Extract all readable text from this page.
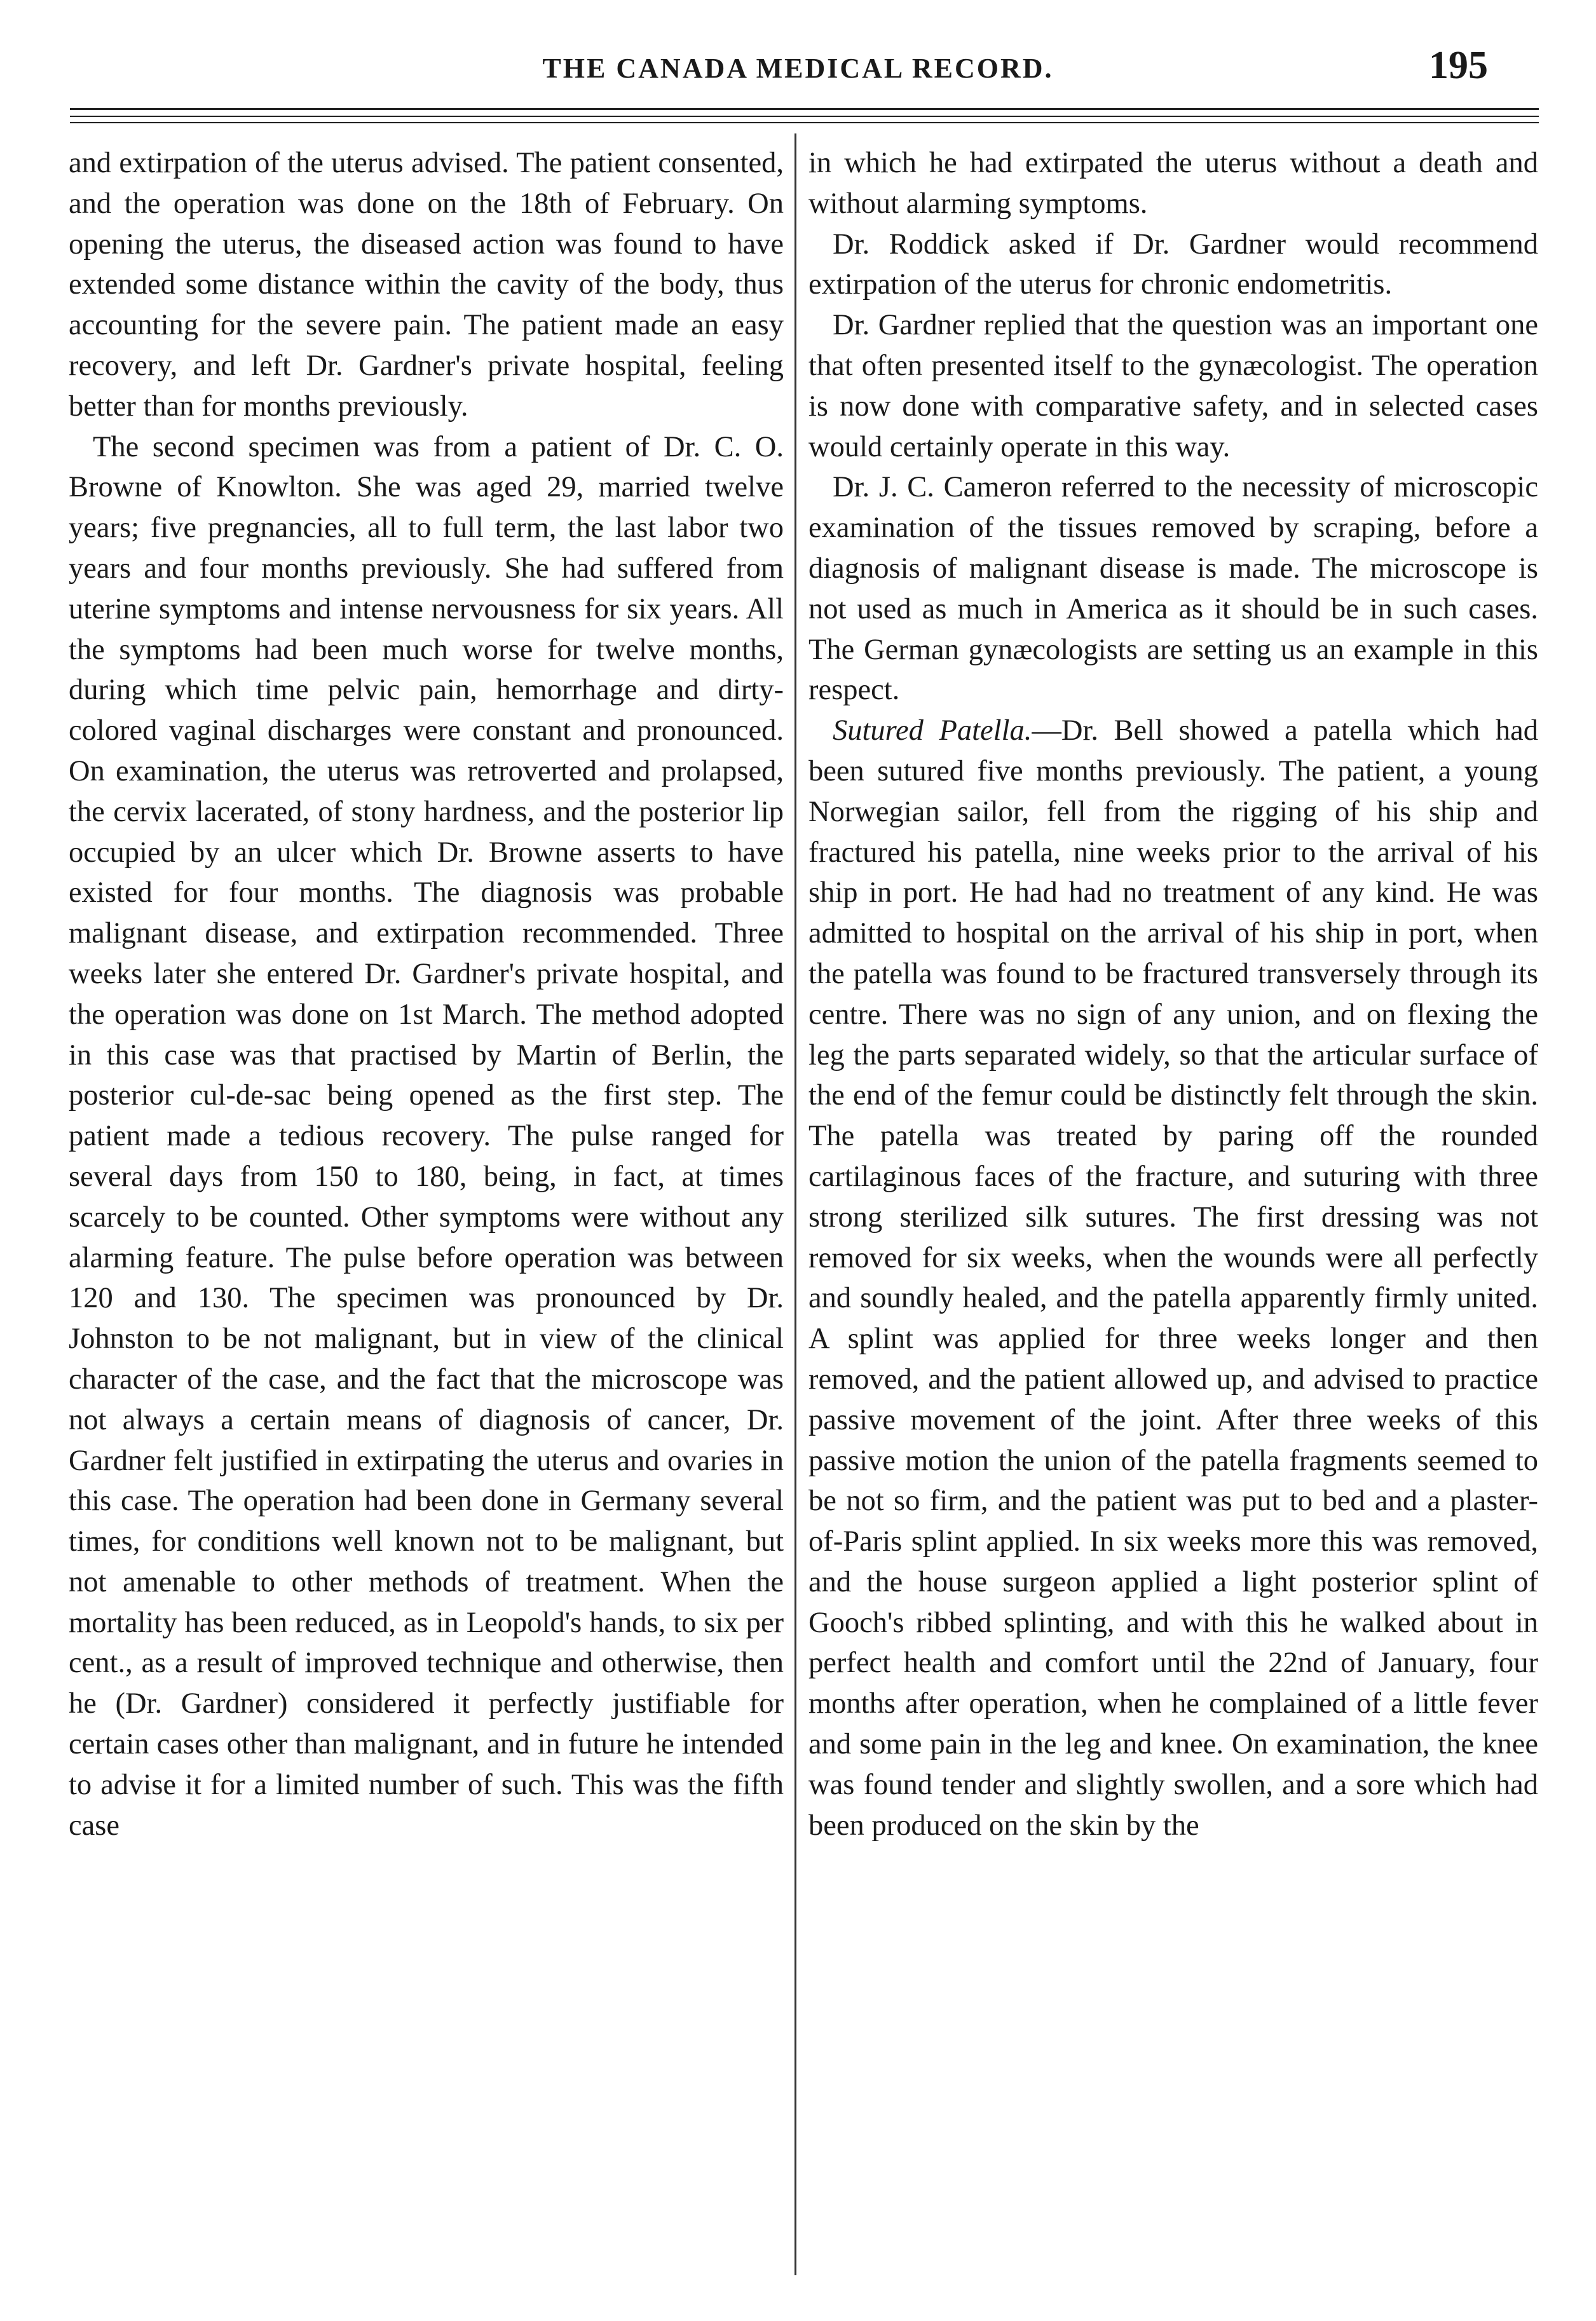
THE CANADA MEDICAL RECORD.	195

and extirpation of the uterus advised. The patient consented, and the operation was done on the 18th of February. On opening the uterus, the diseased action was found to have extended some distance within the cavity of the body, thus accounting for the severe pain. The patient made an easy recovery, and left Dr. Gardner's private hospital, feeling better than for months previously.

The second specimen was from a patient of Dr. C. O. Browne of Knowlton. She was aged 29, married twelve years; five pregnancies, all to full term, the last labor two years and four months previously. She had suffered from uterine symptoms and intense nervousness for six years. All the symptoms had been much worse for twelve months, during which time pelvic pain, hemorrhage and dirty-colored vaginal discharges were constant and pronounced. On examination, the uterus was retroverted and prolapsed, the cervix lacerated, of stony hardness, and the posterior lip occupied by an ulcer which Dr. Browne asserts to have existed for four months. The diagnosis was probable malignant disease, and extirpation recommended. Three weeks later she entered Dr. Gardner's private hospital, and the operation was done on 1st March. The method adopted in this case was that practised by Martin of Berlin, the posterior cul-de-sac being opened as the first step. The patient made a tedious recovery. The pulse ranged for several days from 150 to 180, being, in fact, at times scarcely to be counted. Other symptoms were without any alarming feature. The pulse before operation was between 120 and 130. The specimen was pronounced by Dr. Johnston to be not malignant, but in view of the clinical character of the case, and the fact that the microscope was not always a certain means of diagnosis of cancer, Dr. Gardner felt justified in extirpating the uterus and ovaries in this case. The operation had been done in Germany several times, for conditions well known not to be malignant, but not amenable to other methods of treatment. When the mortality has been reduced, as in Leopold's hands, to six per cent., as a result of improved technique and otherwise, then he (Dr. Gardner) considered it perfectly justifiable for certain cases other than malignant, and in future he intended to advise it for a limited number of such. This was the fifth case

in which he had extirpated the uterus without a death and without alarming symptoms.

Dr. Roddick asked if Dr. Gardner would recommend extirpation of the uterus for chronic endometritis.

Dr. Gardner replied that the question was an important one that often presented itself to the gynæcologist. The operation is now done with comparative safety, and in selected cases would certainly operate in this way.

Dr. J. C. Cameron referred to the necessity of microscopic examination of the tissues removed by scraping, before a diagnosis of malignant disease is made. The microscope is not used as much in America as it should be in such cases. The German gynæcologists are setting us an example in this respect.

Sutured Patella.—Dr. Bell showed a patella which had been sutured five months previously. The patient, a young Norwegian sailor, fell from the rigging of his ship and fractured his patella, nine weeks prior to the arrival of his ship in port. He had had no treatment of any kind. He was admitted to hospital on the arrival of his ship in port, when the patella was found to be fractured transversely through its centre. There was no sign of any union, and on flexing the leg the parts separated widely, so that the articular surface of the end of the femur could be distinctly felt through the skin. The patella was treated by paring off the rounded cartilaginous faces of the fracture, and suturing with three strong sterilized silk sutures. The first dressing was not removed for six weeks, when the wounds were all perfectly and soundly healed, and the patella apparently firmly united. A splint was applied for three weeks longer and then removed, and the patient allowed up, and advised to practice passive movement of the joint. After three weeks of this passive motion the union of the patella fragments seemed to be not so firm, and the patient was put to bed and a plaster-of-Paris splint applied. In six weeks more this was removed, and the house surgeon applied a light posterior splint of Gooch's ribbed splinting, and with this he walked about in perfect health and comfort until the 22nd of January, four months after operation, when he complained of a little fever and some pain in the leg and knee. On examination, the knee was found tender and slightly swollen, and a sore which had been produced on the skin by the
